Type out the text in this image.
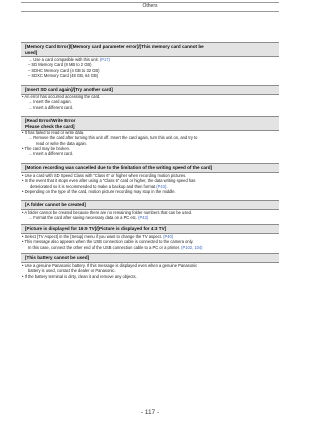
Others
[Memory Card Error]/[Memory card parameter error]/[This memory card cannot be
used]
→ Use a card compatible with this unit. (P17)
– SD Memory Card (8 MB to 2 GB)
– SDHC Memory Card (4 GB to 32 GB)
– SDXC Memory Card (48 GB, 64 GB)
[Insert SD card again]/[Try another card]
• An error has occurred accessing the card.
→ Insert the card again.
→ Insert a different card.
[Read Error/Write Error
Please check the card]
• It has failed to read or write data.
→ Remove the card after turning this unit off. Insert the card again, turn this unit on, and try to
read or write the data again.
• The card may be broken.
→ Insert a different card.
[Motion recording was cancelled due to the limitation of the writing speed of the card]
• Use a card with SD Speed Class with “Class 6” or higher when recording motion pictures.
• In the event that it stops even after using a “Class 6” card or higher, the data writing speed has
deteriorated so it is recommended to make a backup and then format (P43).
• Depending on the type of the card, motion picture recording may stop in the middle.
[A folder cannot be created]
• A folder cannot be created because there are no remaining folder numbers that can be used.
→ Format the card after saving necessary data on a PC etc. (P43)
[Picture is displayed for 16:9 TV]/[Picture is displayed for 4:3 TV]
• Select [TV Aspect] in the [Setup] menu if you want to change the TV aspect. (P40)
• This message also appears when the USB connection cable is connected to the camera only.
In this case, connect the other end of the USB connection cable to a PC or a printer. (P102, 104)
[This battery cannot be used]
• Use a genuine Panasonic battery. If this message is displayed even when a genuine Panasonic
battery is used, contact the dealer or Panasonic.
• If the battery terminal is dirty, clean it and remove any objects.
- 117 -
